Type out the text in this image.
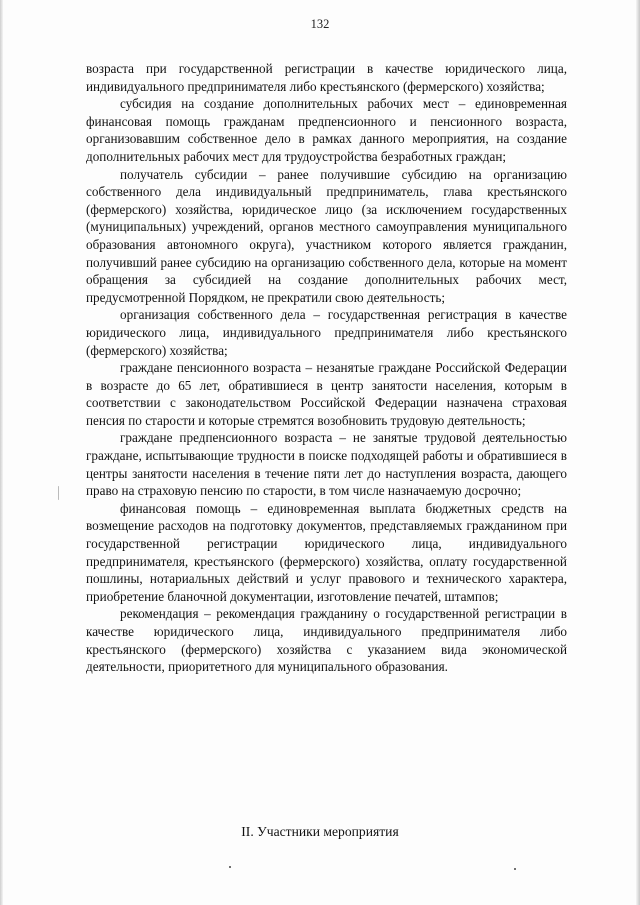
132

возраста при государственной регистрации в качестве юридического лица, индивидуального предпринимателя либо крестьянского (фермерского) хозяйства;

субсидия на создание дополнительных рабочих мест – единовременная финансовая помощь гражданам предпенсионного и пенсионного возраста, организовавшим собственное дело в рамках данного мероприятия, на создание дополнительных рабочих мест для трудоустройства безработных граждан;

получатель субсидии – ранее получившие субсидию на организацию собственного дела индивидуальный предприниматель, глава крестьянского (фермерского) хозяйства, юридическое лицо (за исключением государственных (муниципальных) учреждений, органов местного самоуправления муниципального образования автономного округа), участником которого является гражданин, получивший ранее субсидию на организацию собственного дела, которые на момент обращения за субсидией на создание дополнительных рабочих мест, предусмотренной Порядком, не прекратили свою деятельность;

организация собственного дела – государственная регистрация в качестве юридического лица, индивидуального предпринимателя либо крестьянского (фермерского) хозяйства;

граждане пенсионного возраста – незанятые граждане Российской Федерации в возрасте до 65 лет, обратившиеся в центр занятости населения, которым в соответствии с законодательством Российской Федерации назначена страховая пенсия по старости и которые стремятся возобновить трудовую деятельность;

граждане предпенсионного возраста – не занятые трудовой деятельностью граждане, испытывающие трудности в поиске подходящей работы и обратившиеся в центры занятости населения в течение пяти лет до наступления возраста, дающего право на страховую пенсию по старости, в том числе назначаемую досрочно;

финансовая помощь – единовременная выплата бюджетных средств на возмещение расходов на подготовку документов, представляемых гражданином при государственной регистрации юридического лица, индивидуального предпринимателя, крестьянского (фермерского) хозяйства, оплату государственной пошлины, нотариальных действий и услуг правового и технического характера, приобретение бланочной документации, изготовление печатей, штампов;

рекомендация – рекомендация гражданину о государственной регистрации в качестве юридического лица, индивидуального предпринимателя либо крестьянского (фермерского) хозяйства с указанием вида экономической деятельности, приоритетного для муниципального образования.

II. Участники мероприятия
